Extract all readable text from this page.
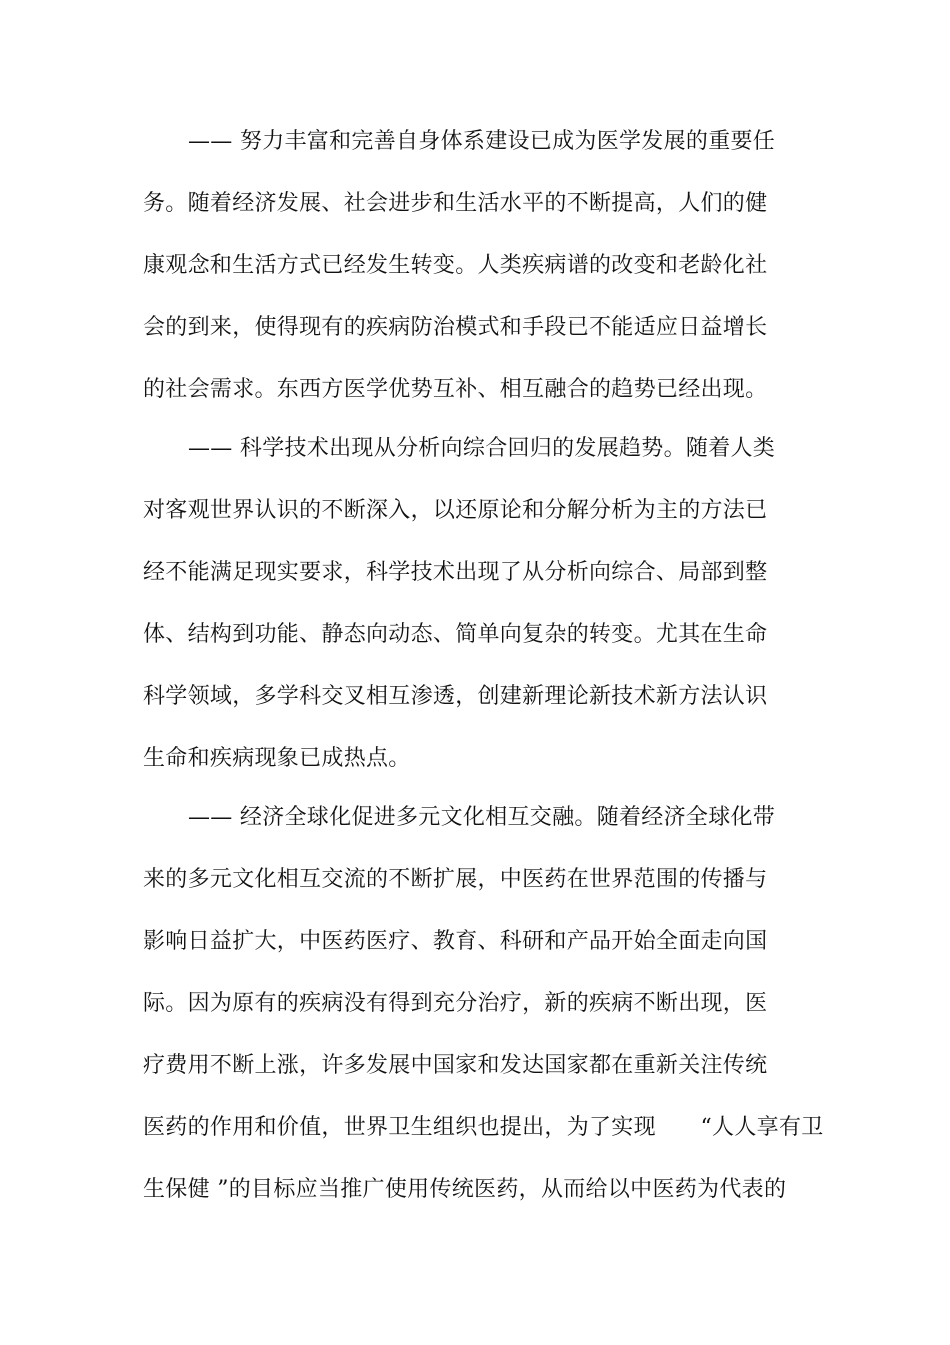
—— 努力丰富和完善自身体系建设已成为医学发展的重要任
务。随着经济发展、社会进步和生活水平的不断提高，人们的健
康观念和生活方式已经发生转变。人类疾病谱的改变和老龄化社
会的到来，使得现有的疾病防治模式和手段已不能适应日益增长
的社会需求。东西方医学优势互补、相互融合的趋势已经出现。
—— 科学技术出现从分析向综合回归的发展趋势。随着人类
对客观世界认识的不断深入，以还原论和分解分析为主的方法已
经不能满足现实要求，科学技术出现了从分析向综合、局部到整
体、结构到功能、静态向动态、简单向复杂的转变。尤其在生命
科学领域，多学科交叉相互渗透，创建新理论新技术新方法认识
生命和疾病现象已成热点。
—— 经济全球化促进多元文化相互交融。随着经济全球化带
来的多元文化相互交流的不断扩展，中医药在世界范围的传播与
影响日益扩大，中医药医疗、教育、科研和产品开始全面走向国
际。因为原有的疾病没有得到充分治疗，新的疾病不断出现，医
疗费用不断上涨，许多发展中国家和发达国家都在重新关注传统
医药的作用和价值，世界卫生组织也提出，为了实现　　“人人享有卫
生保健 ”的目标应当推广使用传统医药，从而给以中医药为代表的
